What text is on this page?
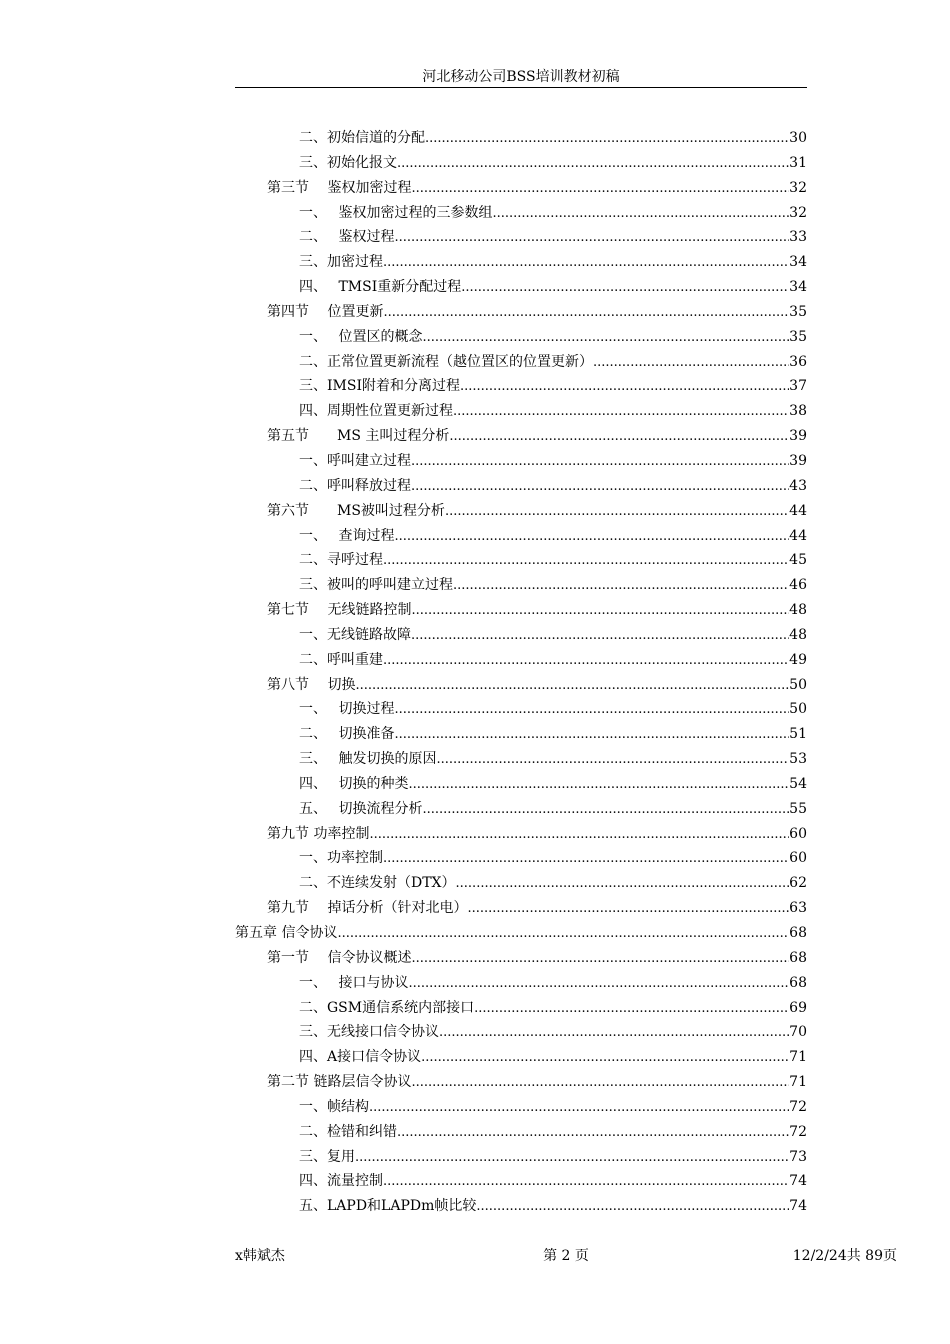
河北移动公司BSS培训教材初稿
二、初始信道的分配 .....	30
三、初始化报文 .....	31
第三节　 鉴权加密过程 .....	32
一、　 鉴权加密过程的三参数组 .....	32
二、　 鉴权过程 .....	33
三、加密过程 .....	34
四、　 TMSI重新分配过程 .....	34
第四节　 位置更新 .....	35
一、　 位置区的概念 .....	35
二、正常位置更新流程（越位置区的位置更新） .....	36
三、IMSI附着和分离过程 .....	37
四、周期性位置更新过程 .....	38
第五节　　MS 主叫过程分析 .....	39
一、呼叫建立过程 .....	39
二、呼叫释放过程 .....	43
第六节　　MS被叫过程分析 .....	44
一、　 查询过程 .....	44
二、寻呼过程 .....	45
三、被叫的呼叫建立过程 .....	46
第七节　 无线链路控制 .....	48
一、无线链路故障 .....	48
二、呼叫重建 .....	49
第八节　 切换 .....	50
一、　 切换过程 .....	50
二、　 切换准备 .....	51
三、　 触发切换的原因 .....	53
四、　 切换的种类 .....	54
五、　 切换流程分析 .....	55
第九节 功率控制 .....	60
一、功率控制 .....	60
二、不连续发射（DTX） .....	62
第九节　 掉话分析（针对北电） .....	63
第五章 信令协议 .....	68
第一节　 信令协议概述 .....	68
一、　 接口与协议 .....	68
二、GSM通信系统内部接口 .....	69
三、无线接口信令协议 .....	70
四、A接口信令协议 .....	71
第二节 链路层信令协议 .....	71
一、帧结构 .....	72
二、检错和纠错 .....	72
三、复用 .....	73
四、流量控制 .....	74
五、LAPD和LAPDm帧比较 .....	74
x韩斌杰	第 2 页	12/2/24共 89页
